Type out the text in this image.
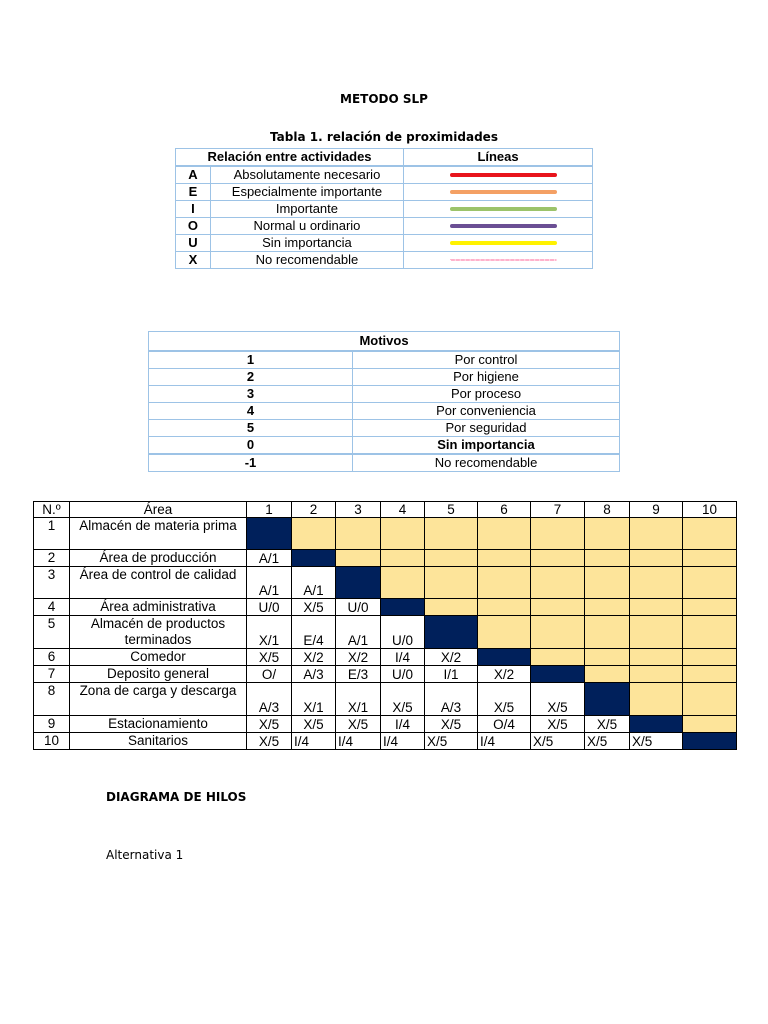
METODO SLP
Tabla 1. relación de proximidades
Relación entre actividades		Líneas
A	Absolutamente necesario	

E	Especialmente importante	

I	Importante	

O	Normal u ordinario	

U	Sin importancia	

X	No recomendable	
Motivos	
1	Por control
2	Por higiene
3	Por proceso
4	Por conveniencia
5	Por seguridad
0	Sin importancia
-1	No recomendable
N.º	Área	1	2	3	4	5	6	7	8	9	10
1	Almacén de materia prima										
2	Área de producción	A/1									
3	Área de control de calidad	A/1	A/1								
4	Área administrativa	U/0	X/5	U/0							
5	Almacén de productos terminados	X/1	E/4	A/1	U/0						
6	Comedor	X/5	X/2	X/2	I/4	X/2					
7	Deposito general	O/	A/3	E/3	U/0	I/1	X/2				
8	Zona de carga y descarga	A/3	X/1	X/1	X/5	A/3	X/5	X/5			
9	Estacionamiento	X/5	X/5	X/5	I/4	X/5	O/4	X/5	X/5		
10	Sanitarios	X/5	I/4	I/4	I/4	X/5	I/4	X/5	X/5	X/5	
DIAGRAMA DE HILOS
Alternativa 1
